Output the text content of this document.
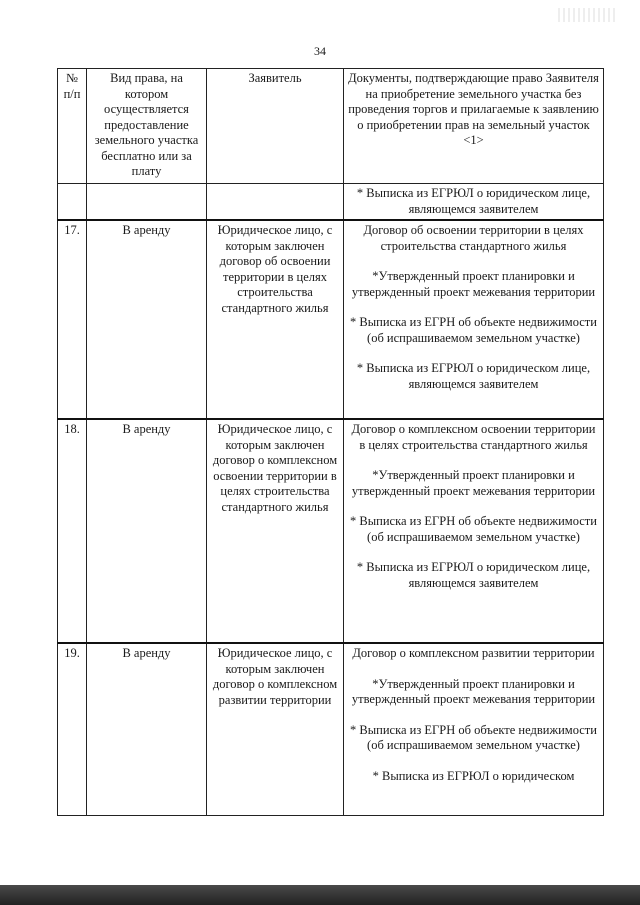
34
№ п/п	Вид права, на котором осуществляется предоставление земельного участка бесплатно или за плату	Заявитель	Документы, подтверждающие право Заявителя на приобретение земельного участка без проведения торгов и прилагаемые к заявлению о приобретении прав на земельный участок <1>
			* Выписка из ЕГРЮЛ о юридическом лице, являющемся заявителем
17.	В аренду	Юридическое лицо, с которым заключен договор об освоении территории в целях строительства стандартного жилья	Договор об освоении территории в целях строительства стандартного жилья
*Утвержденный проект планировки и утвержденный проект межевания территории
* Выписка из ЕГРН об объекте недвижимости (об испрашиваемом земельном участке)
* Выписка из ЕГРЮЛ о юридическом лице, являющемся заявителем

18.	В аренду	Юридическое лицо, с которым заключен договор о комплексном освоении территории в целях строительства стандартного жилья	Договор о комплексном освоении территории в целях строительства стандартного жилья
*Утвержденный проект планировки и утвержденный проект межевания территории
* Выписка из ЕГРН об объекте недвижимости (об испрашиваемом земельном участке)
* Выписка из ЕГРЮЛ о юридическом лице, являющемся заявителем

19.	В аренду	Юридическое лицо, с которым заключен договор о комплексном развитии территории	Договор о комплексном развитии территории
*Утвержденный проект планировки и утвержденный проект межевания территории
* Выписка из ЕГРН об объекте недвижимости (об испрашиваемом земельном участке)
* Выписка из ЕГРЮЛ о юридическом
